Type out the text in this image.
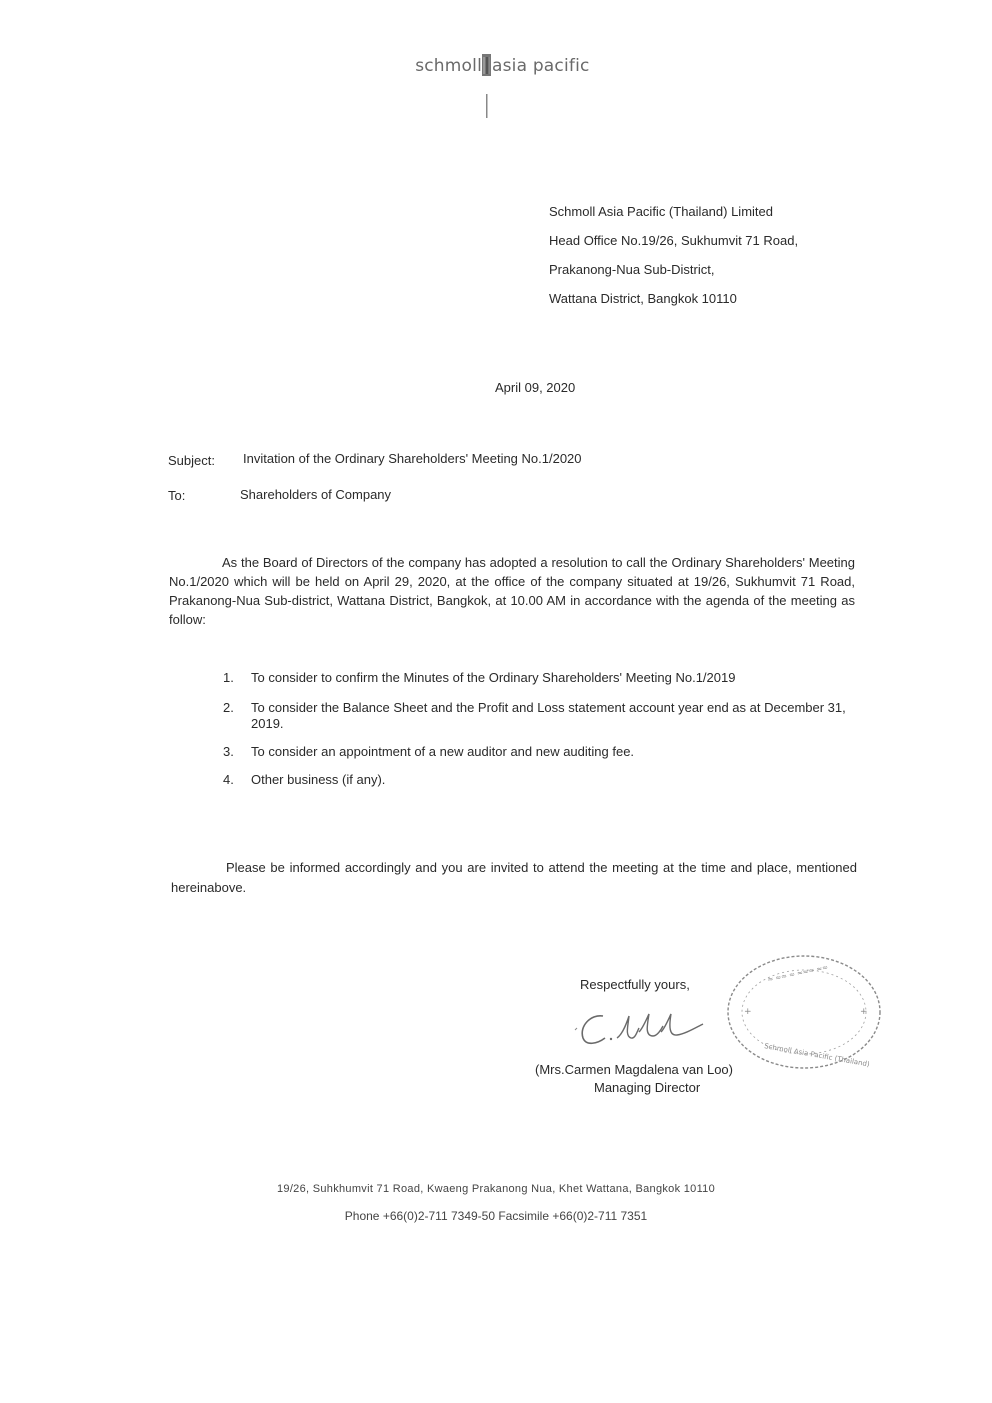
schmoll asia pacific
Schmoll Asia Pacific (Thailand) Limited
Head Office No.19/26, Sukhumvit 71 Road,
Prakanong-Nua Sub-District,
Wattana District, Bangkok 10110
April 09, 2020
Subject: Invitation of the Ordinary Shareholders' Meeting No.1/2020
To:	Shareholders of Company
As the Board of Directors of the company has adopted a resolution to call the Ordinary Shareholders' Meeting No.1/2020 which will be held on April 29, 2020, at the office of the company situated at 19/26, Sukhumvit 71 Road, Prakanong-Nua Sub-district, Wattana District, Bangkok, at 10.00 AM in accordance with the agenda of the meeting as follow:
1.	To consider to confirm the Minutes of the Ordinary Shareholders' Meeting No.1/2019
2.	To consider the Balance Sheet and the Profit and Loss statement account year end as at December 31, 2019.
3.	To consider an appointment of a new auditor and new auditing fee.
4.	Other business (if any).
Please be informed accordingly and you are invited to attend the meeting at the time and place, mentioned hereinabove.
Respectfully yours,
≈ ≈≈ ≈ ≈≈≈ ≈≈
+	+
Schmoll Asia Pacific (Thailand)
(Mrs.Carmen Magdalena van Loo)
Managing Director
19/26, Suhkhumvit 71 Road, Kwaeng Prakanong Nua, Khet Wattana, Bangkok 10110
Phone +66(0)2-711 7349-50 Facsimile +66(0)2-711 7351
